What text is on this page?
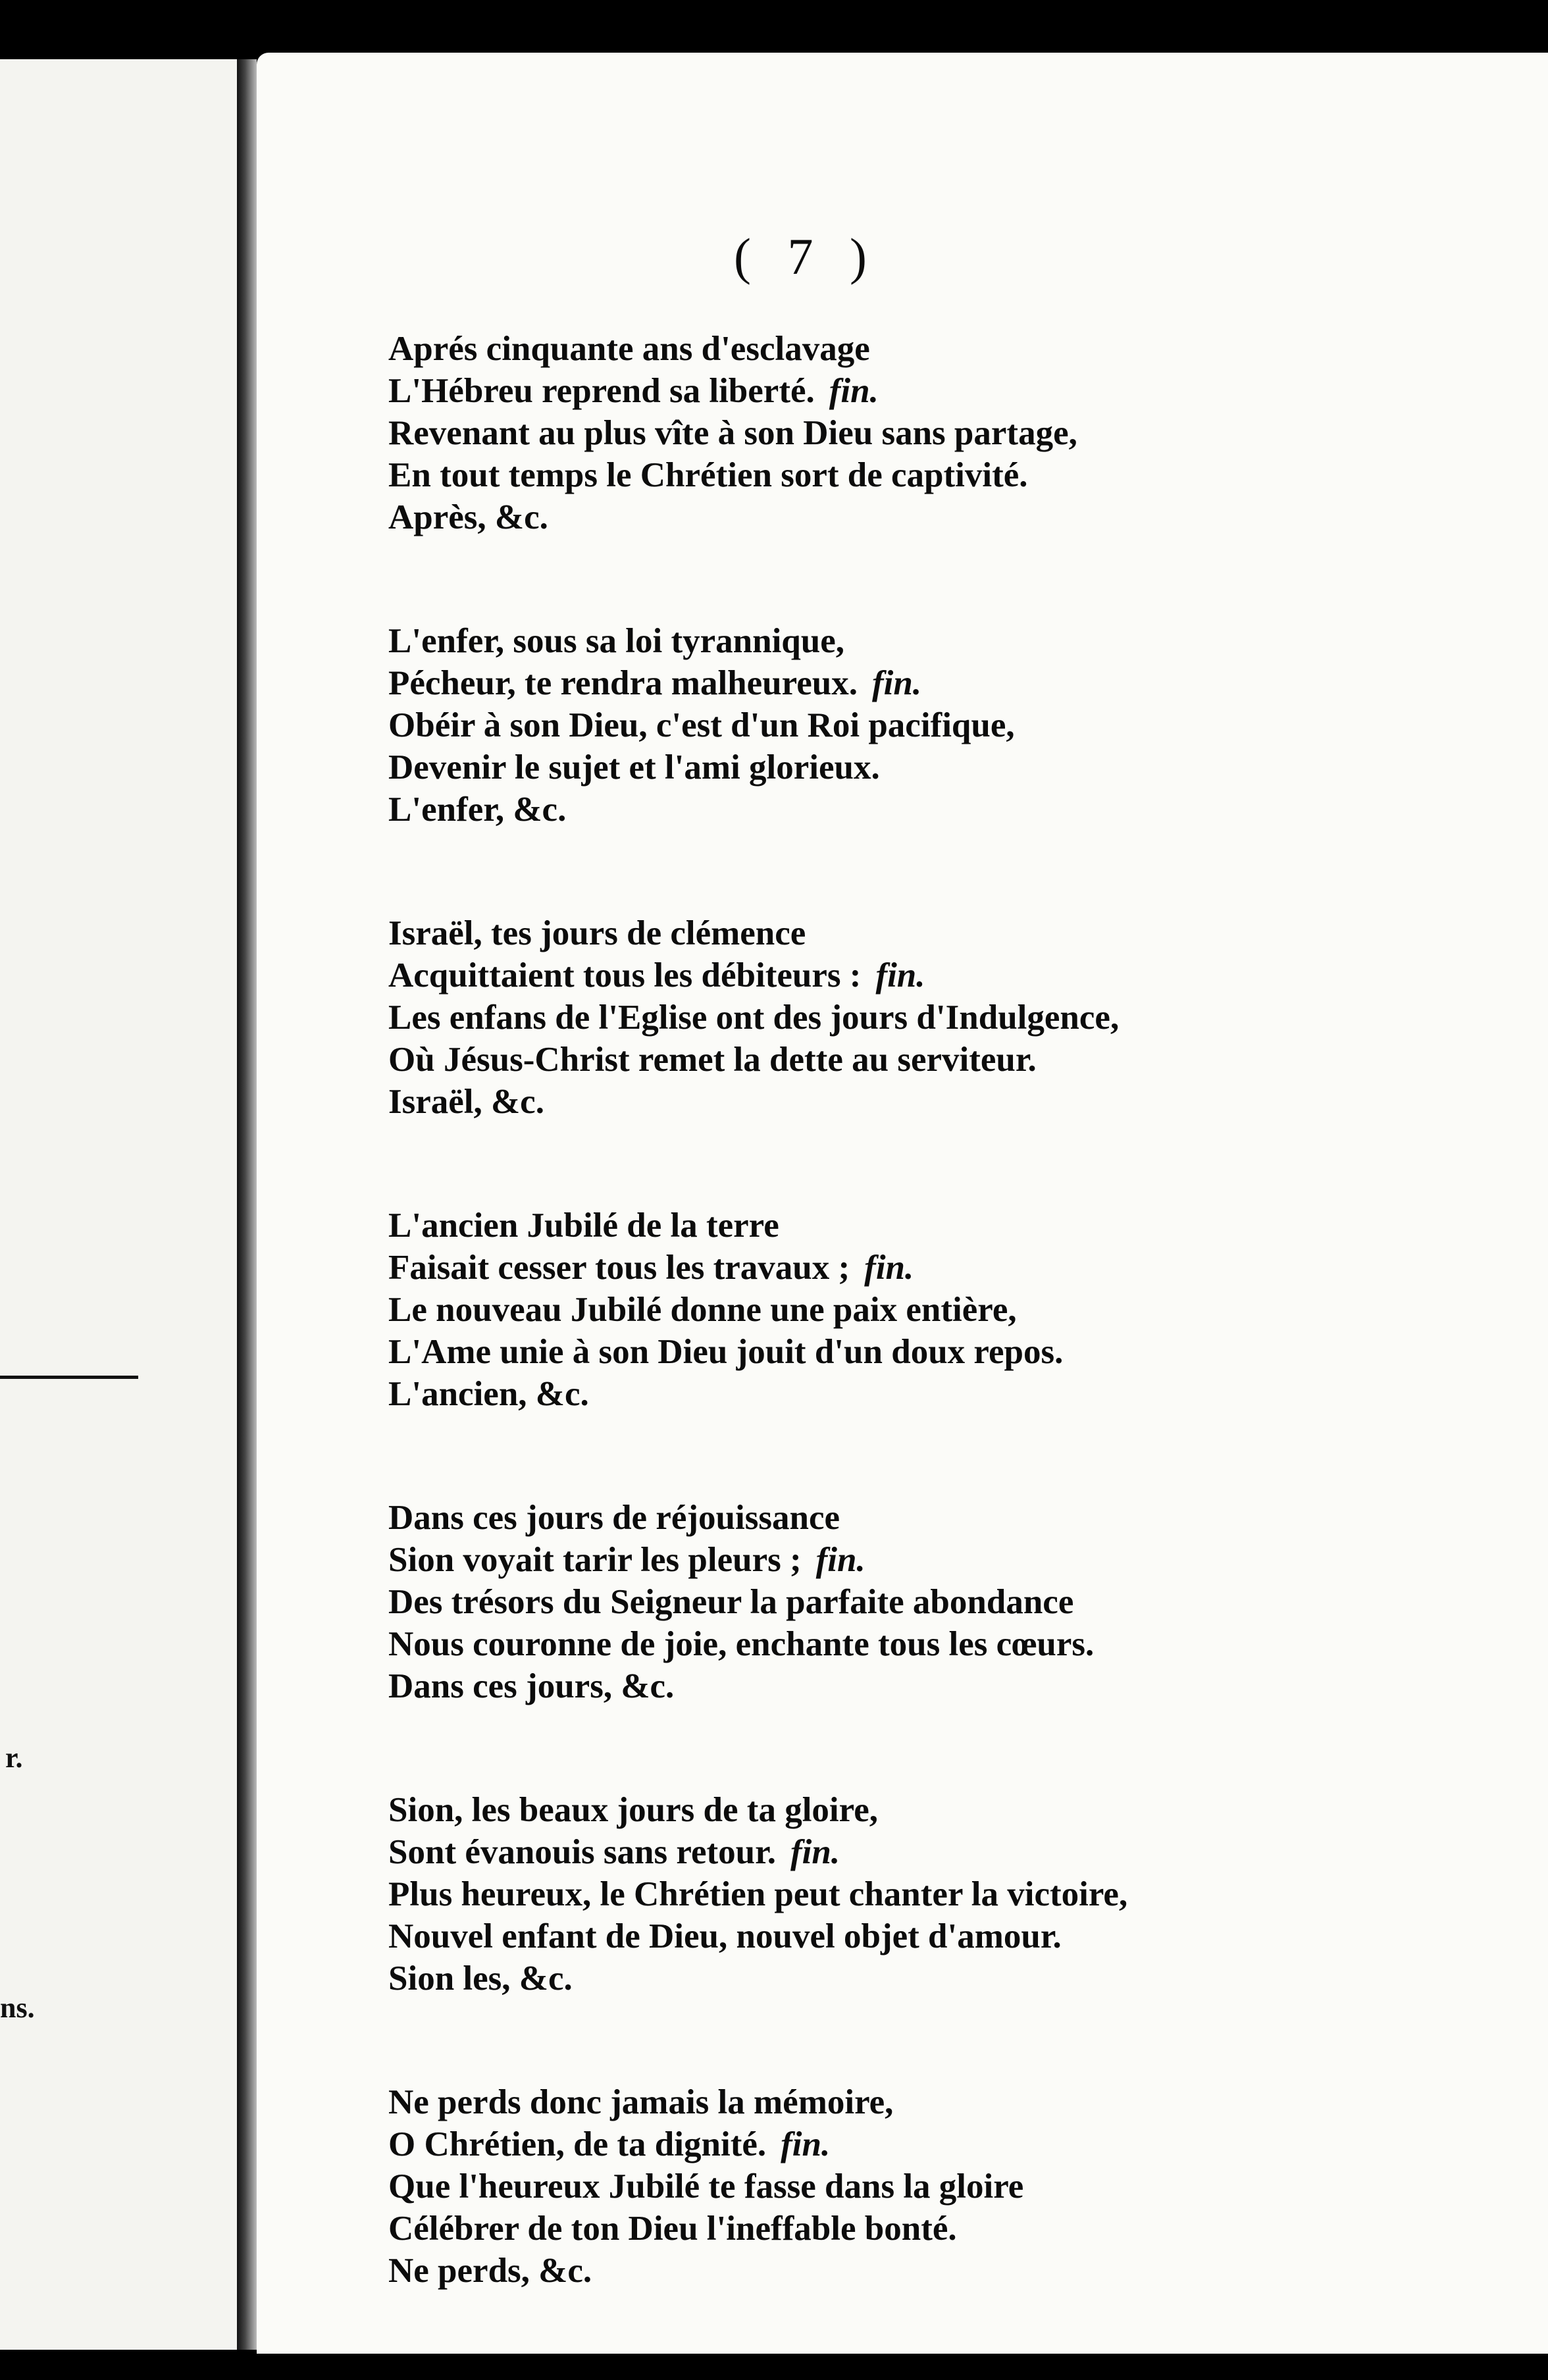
r.
ns.
( 7 )
Aprés cinquante ans d'esclavage
L'Hébreu reprend sa liberté. fin.
Revenant au plus vîte à son Dieu sans partage,
En tout temps le Chrétien sort de captivité.
Après, &c.
L'enfer, sous sa loi tyrannique,
Pécheur, te rendra malheureux. fin.
Obéir à son Dieu, c'est d'un Roi pacifique,
Devenir le sujet et l'ami glorieux.
L'enfer, &c.
Israël, tes jours de clémence
Acquittaient tous les débiteurs : fin.
Les enfans de l'Eglise ont des jours d'Indulgence,
Où Jésus-Christ remet la dette au serviteur.
Israël, &c.
L'ancien Jubilé de la terre
Faisait cesser tous les travaux ; fin.
Le nouveau Jubilé donne une paix entière,
L'Ame unie à son Dieu jouit d'un doux repos.
L'ancien, &c.
Dans ces jours de réjouissance
Sion voyait tarir les pleurs ; fin.
Des trésors du Seigneur la parfaite abondance
Nous couronne de joie, enchante tous les cœurs.
Dans ces jours, &c.
Sion, les beaux jours de ta gloire,
Sont évanouis sans retour. fin.
Plus heureux, le Chrétien peut chanter la victoire,
Nouvel enfant de Dieu, nouvel objet d'amour.
Sion les, &c.
Ne perds donc jamais la mémoire,
O Chrétien, de ta dignité. fin.
Que l'heureux Jubilé te fasse dans la gloire
Célébrer de ton Dieu l'ineffable bonté.
Ne perds, &c.
